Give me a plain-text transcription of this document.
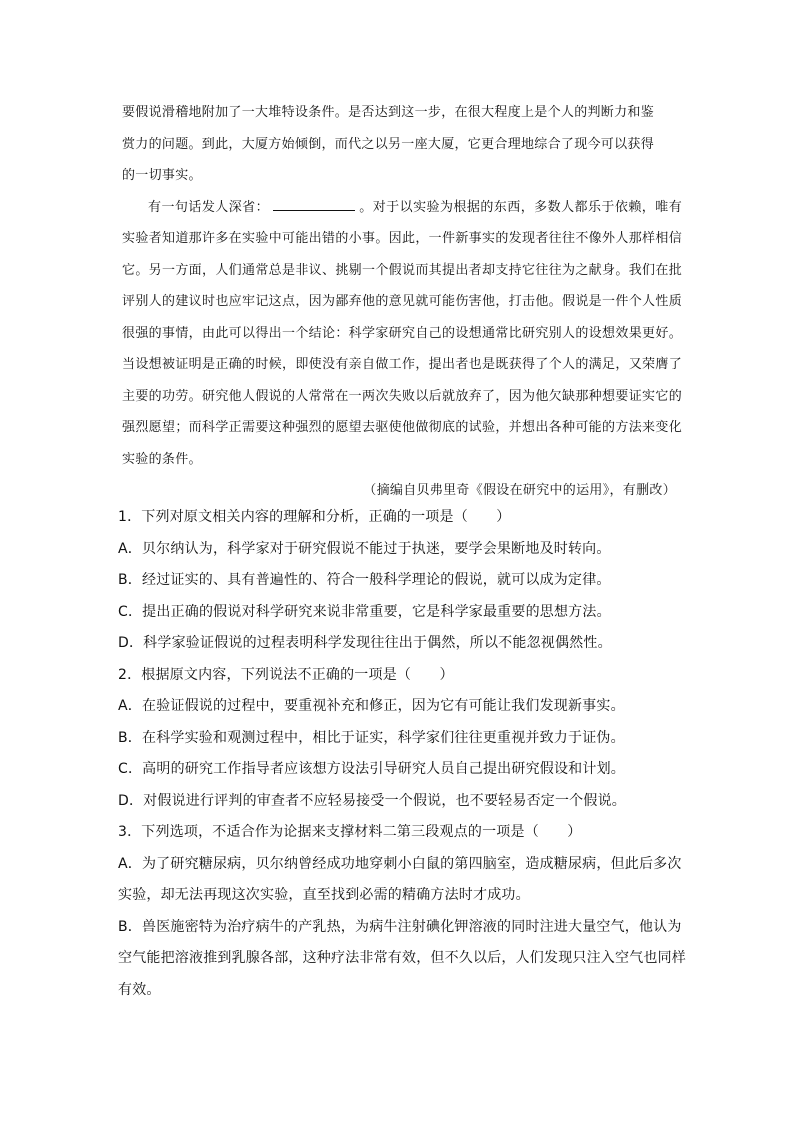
要假说滑稽地附加了一大堆特设条件。是否达到这一步，在很大程度上是个人的判断力和鉴
赏力的问题。到此，大厦方始倾倒，而代之以另一座大厦，它更合理地综合了现今可以获得
的一切事实。

有一句话发人深省：	。对于以实验为根据的东西，多数人都乐于依赖，唯有实验者知道那许多在实验中可能出错的小事。因此，一件新事实的发现者往往不像外人那样相信它。另一方面，人们通常总是非议、挑剔一个假说而其提出者却支持它往往为之献身。我们在批评别人的建议时也应牢记这点，因为鄙弃他的意见就可能伤害他，打击他。假说是一件个人性质很强的事情，由此可以得出一个结论：科学家研究自己的设想通常比研究别人的设想效果更好。当设想被证明是正确的时候，即使没有亲自做工作，提出者也是既获得了个人的满足，又荣膺了主要的功劳。研究他人假说的人常常在一两次失败以后就放弃了，因为他欠缺那种想要证实它的强烈愿望；而科学正需要这种强烈的愿望去驱使他做彻底的试验，并想出各种可能的方法来变化实验的条件。

（摘编自贝弗里奇《假设在研究中的运用》，有删改）

1．下列对原文相关内容的理解和分析，正确的一项是（　　）

A．贝尔纳认为，科学家对于研究假说不能过于执迷，要学会果断地及时转向。

B．经过证实的、具有普遍性的、符合一般科学理论的假说，就可以成为定律。

C．提出正确的假说对科学研究来说非常重要，它是科学家最重要的思想方法。

D．科学家验证假说的过程表明科学发现往往出于偶然，所以不能忽视偶然性。

2．根据原文内容，下列说法不正确的一项是（　　）

A．在验证假说的过程中，要重视补充和修正，因为它有可能让我们发现新事实。

B．在科学实验和观测过程中，相比于证实，科学家们往往更重视并致力于证伪。

C．高明的研究工作指导者应该想方设法引导研究人员自己提出研究假设和计划。

D．对假说进行评判的审查者不应轻易接受一个假说，也不要轻易否定一个假说。

3．下列选项，不适合作为论据来支撑材料二第三段观点的一项是（　　）

A．为了研究糖尿病，贝尔纳曾经成功地穿刺小白鼠的第四脑室，造成糖尿病，但此后多次实验，却无法再现这次实验，直至找到必需的精确方法时才成功。

B．兽医施密特为治疗病牛的产乳热，为病牛注射碘化钾溶液的同时注进大量空气，他认为空气能把溶液推到乳腺各部，这种疗法非常有效，但不久以后，人们发现只注入空气也同样有效。
